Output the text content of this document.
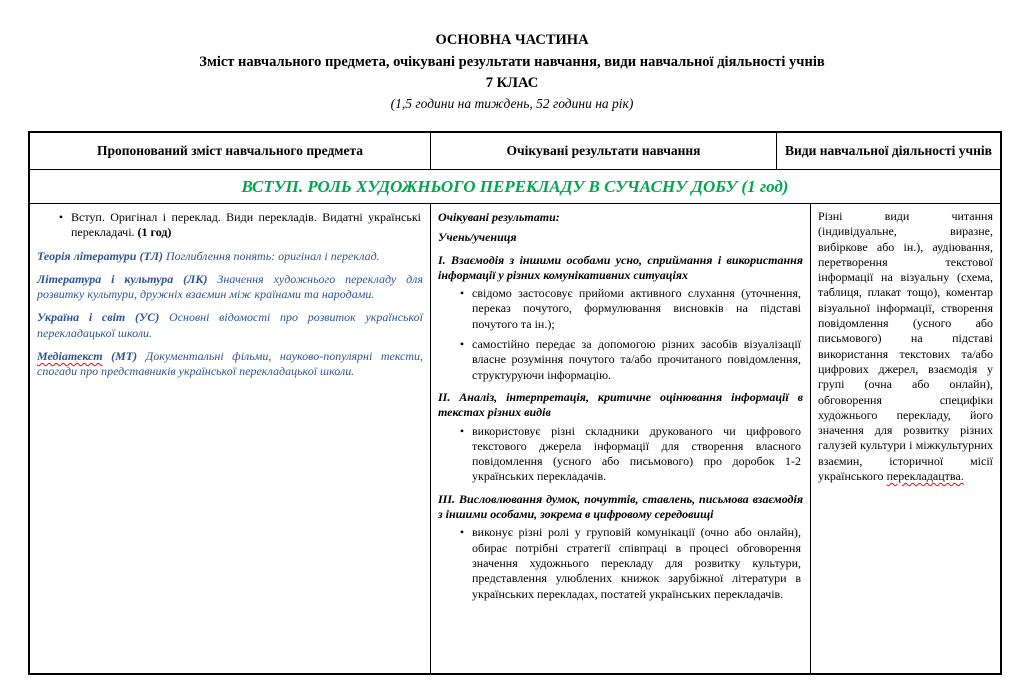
ОСНОВНА ЧАСТИНА
Зміст навчального предмета, очікувані результати навчання, види навчальної діяльності учнів
7 КЛАС
(1,5 години на тиждень, 52 години на рік)
Пропонований зміст навчального предмета	Очікувані результати навчання	Види навчальної діяльності учнів
ВСТУП. РОЛЬ ХУДОЖНЬОГО ПЕРЕКЛАДУ В СУЧАСНУ ДОБУ (1 год)
• Вступ. Оригінал і переклад. Види перекладів. Видатні українські перекладачі. (1 год)

Теорія літератури (ТЛ) Поглиблення понять: оригінал і переклад.

Література і культура (ЛК) Значення художнього перекладу для розвитку культури, дружніх взаємин між країнами та народами.

Україна і світ (УС) Основні відомості про розвиток української перекладацької школи.

Медіатекст (МТ) Документальні фільми, науково-популярні тексти, спогади про представників української перекладацької школи.

Очікувані результати:
Учень/учениця
І. Взаємодія з іншими особами усно, сприймання і використання інформації у різних комунікативних ситуаціях
• свідомо застосовує прийоми активного слухання (уточнення, переказ почутого, формулювання висновків на підставі почутого та ін.);
• самостійно передає за допомогою різних засобів візуалізації власне розуміння почутого та/або прочитаного повідомлення, структуруючи інформацію.
ІІ. Аналіз, інтерпретація, критичне оцінювання інформації в текстах різних видів
• використовує різні складники друкованого чи цифрового текстового джерела інформації для створення власного повідомлення (усного або письмового) про доробок 1-2 українських перекладачів.
ІІІ. Висловлювання думок, почуттів, ставлень, письмова взаємодія з іншими особами, зокрема в цифровому середовищі
• виконує різні ролі у груповій комунікації (очно або онлайн), обирає потрібні стратегії співпраці в процесі обговорення значення художнього перекладу для розвитку культури, представлення улюблених книжок зарубіжної літератури в українських перекладах, постатей українських перекладачів.
Різні види читання (індивідуальне, виразне, вибіркове або ін.), аудіювання, перетворення текстової інформації на візуальну (схема, таблиця, плакат тощо), коментар візуальної інформації, створення повідомлення (усного або письмового) на підставі використання текстових та/або цифрових джерел, взаємодія у групі (очна або онлайн), обговорення специфіки художнього перекладу, його значення для розвитку різних галузей культури і міжкультурних взаємин, історичної місії українського перекладацтва.
